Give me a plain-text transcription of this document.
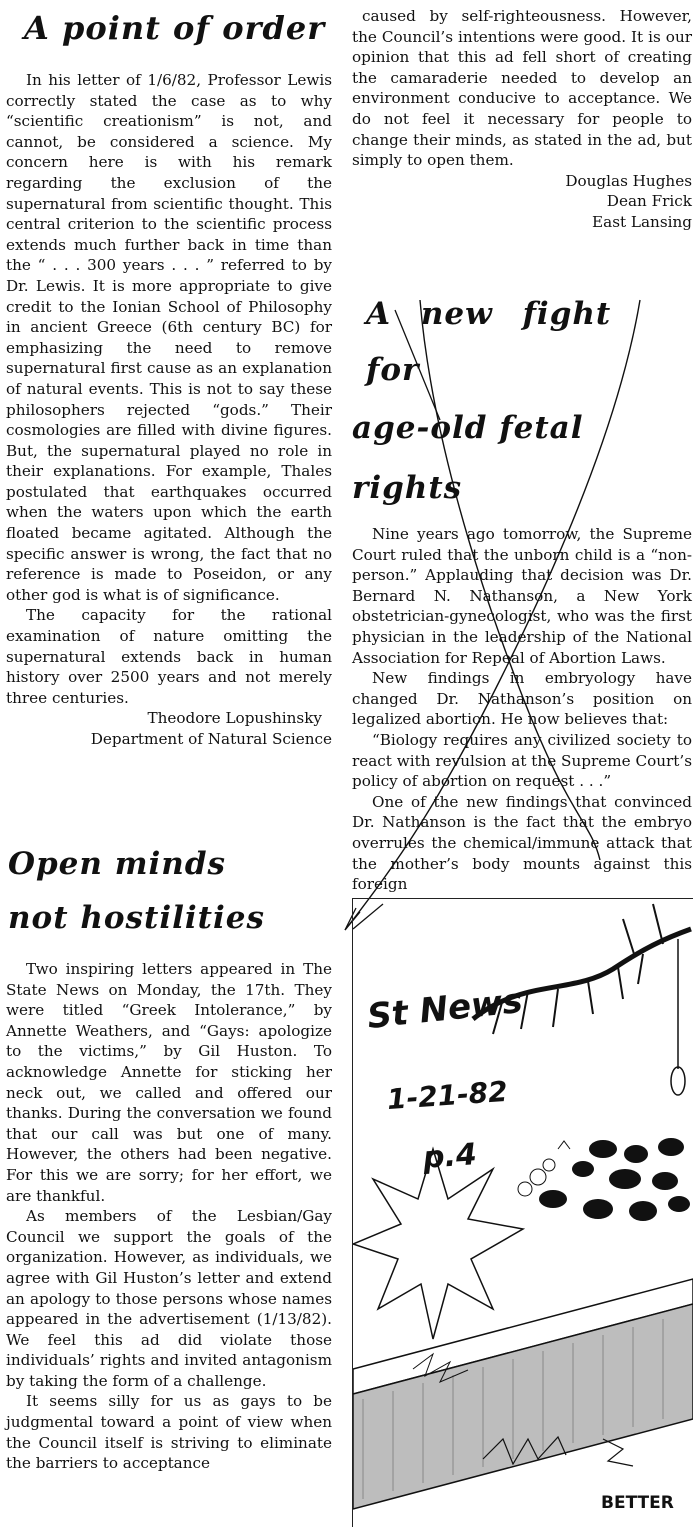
A point of order

In his letter of 1/6/82, Professor Lewis correctly stated the case as to why “scientific creationism” is not, and cannot, be considered a science. My concern here is with his remark regarding the exclusion of the supernatural from scientific thought. This central criterion to the scientific process extends much further back in time than the “ . . . 300 years . . . ” referred to by Dr. Lewis. It is more appropriate to give credit to the Ionian School of Philosophy in ancient Greece (6th century BC) for emphasizing the need to remove supernatural first cause as an explanation of natural events. This is not to say these philosophers rejected “gods.” Their cosmologies are filled with divine figures. But, the supernatural played no role in their explanations. For example, Thales postulated that earthquakes occurred when the waters upon which the earth floated became agitated. Although the specific answer is wrong, the fact that no reference is made to Poseidon, or any other god is what is of significance.

The capacity for the rational examination of nature omitting the supernatural extends back in human history over 2500 years and not merely three centuries.

Theodore Lopushinsky

Department of Natural Science

Open minds
not hostilities

Two inspiring letters appeared in The State News on Monday, the 17th. They were titled “Greek Intolerance,” by Annette Weathers, and “Gays: apologize to the victims,” by Gil Huston. To acknowledge Annette for sticking her neck out, we called and offered our thanks. During the conversation we found that our call was but one of many. However, the others had been negative. For this we are sorry; for her effort, we are thankful.

As members of the Lesbian/Gay Council we support the goals of the organization. However, as individuals, we agree with Gil Huston’s letter and extend an apology to those persons whose names appeared in the advertisement (1/13/82). We feel this ad did violate those individuals’ rights and invited antagonism by taking the form of a challenge.

It seems silly for us as gays to be judgmental toward a point of view when the Council itself is striving to eliminate the barriers to acceptance

caused by self-righteousness. However, the Council’s intentions were good. It is our opinion that this ad fell short of creating the camaraderie needed to develop an environment conducive to acceptance. We do not feel it necessary for people to change their minds, as stated in the ad, but simply to open them.

Douglas Hughes

Dean Frick

East Lansing

A new fight for
age-old fetal rights

Nine years ago tomorrow, the Supreme Court ruled that the unborn child is a “non-person.” Applauding that decision was Dr. Bernard N. Nathanson, a New York obstetrician-gynecologist, who was the first physician in the leadership of the National Association for Repeal of Abortion Laws.

New findings in embryology have changed Dr. Nathanson’s position on legalized abortion. He now believes that:

“Biology requires any civilized society to react with revulsion at the Supreme Court’s policy of abortion on request . . .”

One of the new findings that convinced Dr. Nathanson is the fact that the embryo overrules the chemical/immune attack that the mother’s body mounts against this foreign

St News
1-21-82
p.4
BETTER
